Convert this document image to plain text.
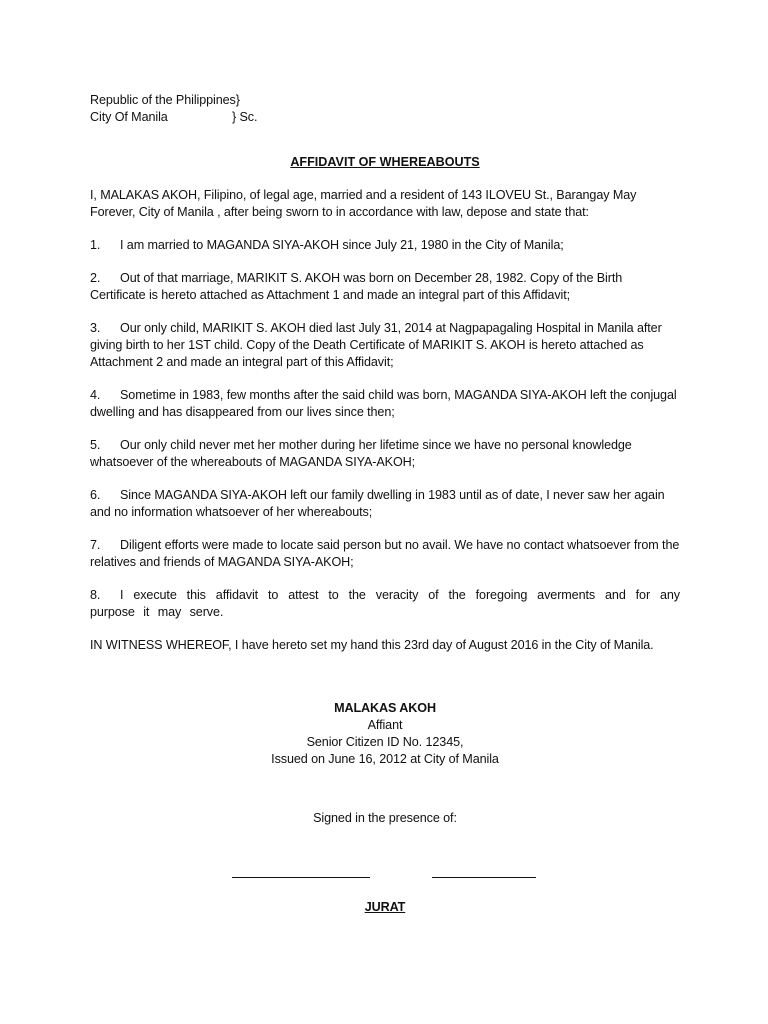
Republic of the Philippines}
City Of Manila	} Sc.
AFFIDAVIT OF WHEREABOUTS
I, MALAKAS AKOH, Filipino, of legal age, married and a resident of 143 ILOVEU St., Barangay May Forever, City of Manila , after being sworn to in accordance with law, depose and state that:
1. I am married to MAGANDA SIYA-AKOH since July 21, 1980 in the City of Manila;
2. Out of that marriage, MARIKIT S. AKOH was born on December 28, 1982. Copy of the Birth Certificate is hereto attached as Attachment 1 and made an integral part of this Affidavit;
3. Our only child, MARIKIT S. AKOH died last July 31, 2014 at Nagpapagaling Hospital in Manila after giving birth to her 1ST child. Copy of the Death Certificate of MARIKIT S. AKOH is hereto attached as Attachment 2 and made an integral part of this Affidavit;
4. Sometime in 1983, few months after the said child was born, MAGANDA SIYA-AKOH left the conjugal dwelling and has disappeared from our lives since then;
5. Our only child never met her mother during her lifetime since we have no personal knowledge whatsoever of the whereabouts of MAGANDA SIYA-AKOH;
6. Since MAGANDA SIYA-AKOH left our family dwelling in 1983 until as of date, I never saw her again and no information whatsoever of her whereabouts;
7. Diligent efforts were made to locate said person but no avail. We have no contact whatsoever from the relatives and friends of MAGANDA SIYA-AKOH;
8. I execute this affidavit to attest to the veracity of the foregoing averments and for any purpose it may serve.
IN WITNESS WHEREOF, I have hereto set my hand this 23rd day of August 2016 in the City of Manila.
MALAKAS AKOH
Affiant
Senior Citizen ID No. 12345,
Issued on June 16, 2012 at City of Manila
Signed in the presence of:
JURAT
